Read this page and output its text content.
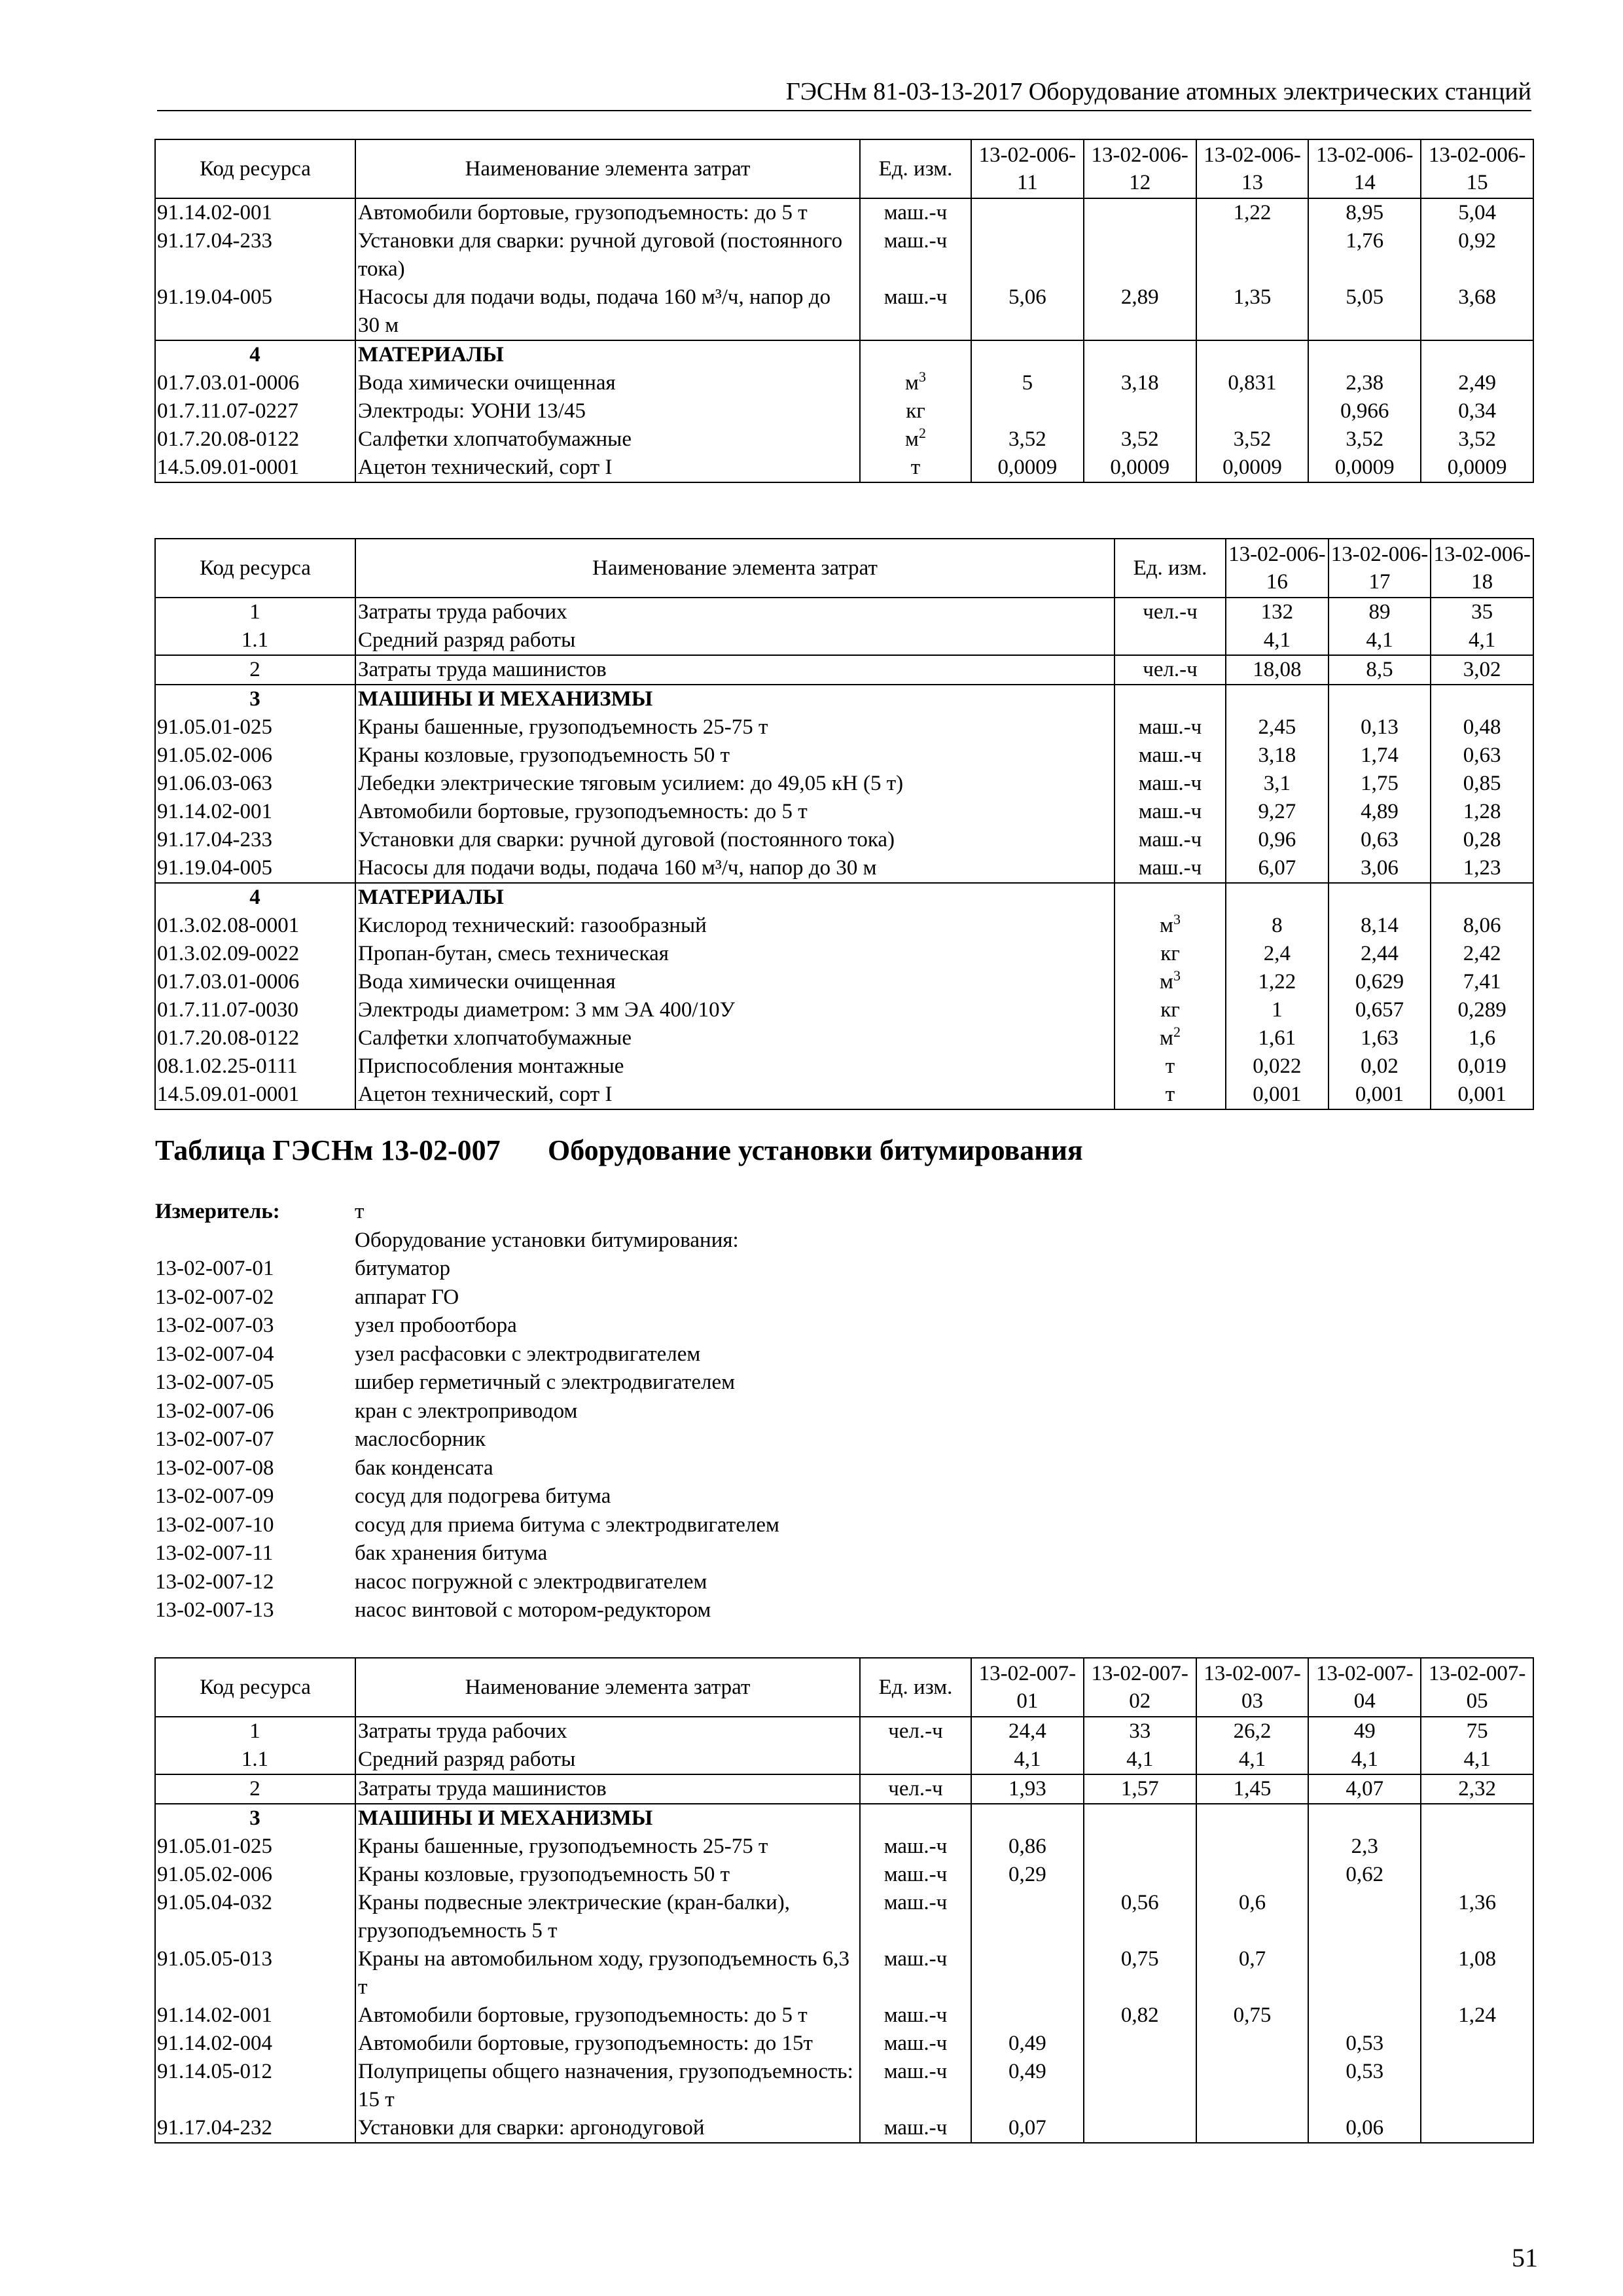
ГЭСНм 81-03-13-2017 Оборудование атомных электрических станций
Код ресурса	Наименование элемента затрат	Ед. изм.	13-02-006-11	13-02-006-12	13-02-006-13	13-02-006-14	13-02-006-15
91.14.02-001	Автомобили бортовые, грузоподъемность: до 5 т	маш.-ч			1,22	8,95	5,04
91.17.04-233	Установки для сварки: ручной дуговой (постоянного тока)	маш.-ч				1,76	0,92
91.19.04-005	Насосы для подачи воды, подача 160 м³/ч, напор до 30 м	маш.-ч	5,06	2,89	1,35	5,05	3,68
4	МАТЕРИАЛЫ						
01.7.03.01-0006	Вода химически очищенная	$м^3$	5	3,18	0,831	2,38	2,49
01.7.11.07-0227	Электроды: УОНИ 13/45	кг				0,966	0,34
01.7.20.08-0122	Салфетки хлопчатобумажные	$м^2$	3,52	3,52	3,52	3,52	3,52
14.5.09.01-0001	Ацетон технический, сорт I	т	0,0009	0,0009	0,0009	0,0009	0,0009
Код ресурса	Наименование элемента затрат	Ед. изм.	13-02-006-16	13-02-006-17	13-02-006-18
1	Затраты труда рабочих	чел.-ч	132	89	35
1.1	Средний разряд работы		4,1	4,1	4,1
2	Затраты труда машинистов	чел.-ч	18,08	8,5	3,02
3	МАШИНЫ И МЕХАНИЗМЫ				
91.05.01-025	Краны башенные, грузоподъемность 25-75 т	маш.-ч	2,45	0,13	0,48
91.05.02-006	Краны козловые, грузоподъемность 50 т	маш.-ч	3,18	1,74	0,63
91.06.03-063	Лебедки электрические тяговым усилием: до 49,05 кН (5 т)	маш.-ч	3,1	1,75	0,85
91.14.02-001	Автомобили бортовые, грузоподъемность: до 5 т	маш.-ч	9,27	4,89	1,28
91.17.04-233	Установки для сварки: ручной дуговой (постоянного тока)	маш.-ч	0,96	0,63	0,28
91.19.04-005	Насосы для подачи воды, подача 160 м³/ч, напор до 30 м	маш.-ч	6,07	3,06	1,23
4	МАТЕРИАЛЫ				
01.3.02.08-0001	Кислород технический: газообразный	$м^3$	8	8,14	8,06
01.3.02.09-0022	Пропан-бутан, смесь техническая	кг	2,4	2,44	2,42
01.7.03.01-0006	Вода химически очищенная	$м^3$	1,22	0,629	7,41
01.7.11.07-0030	Электроды диаметром: 3 мм ЭА 400/10У	кг	1	0,657	0,289
01.7.20.08-0122	Салфетки хлопчатобумажные	$м^2$	1,61	1,63	1,6
08.1.02.25-0111	Приспособления монтажные	т	0,022	0,02	0,019
14.5.09.01-0001	Ацетон технический, сорт I	т	0,001	0,001	0,001
Таблица ГЭСНм 13-02-007 Оборудование установки битумирования
Измеритель:	т
Оборудование установки битумирования:
13-02-007-01	битуматор
13-02-007-02	аппарат ГО
13-02-007-03	узел пробоотбора
13-02-007-04	узел расфасовки с электродвигателем
13-02-007-05	шибер герметичный с электродвигателем
13-02-007-06	кран с электроприводом
13-02-007-07	маслосборник
13-02-007-08	бак конденсата
13-02-007-09	сосуд для подогрева битума
13-02-007-10	сосуд для приема битума с электродвигателем
13-02-007-11	бак хранения битума
13-02-007-12	насос погружной с электродвигателем
13-02-007-13	насос винтовой с мотором-редуктором
Код ресурса	Наименование элемента затрат	Ед. изм.	13-02-007-01	13-02-007-02	13-02-007-03	13-02-007-04	13-02-007-05
1	Затраты труда рабочих	чел.-ч	24,4	33	26,2	49	75
1.1	Средний разряд работы		4,1	4,1	4,1	4,1	4,1
2	Затраты труда машинистов	чел.-ч	1,93	1,57	1,45	4,07	2,32
3	МАШИНЫ И МЕХАНИЗМЫ						
91.05.01-025	Краны башенные, грузоподъемность 25-75 т	маш.-ч	0,86			2,3	
91.05.02-006	Краны козловые, грузоподъемность 50 т	маш.-ч	0,29			0,62	
91.05.04-032	Краны подвесные электрические (кран-балки), грузоподъемность 5 т	маш.-ч		0,56	0,6		1,36
91.05.05-013	Краны на автомобильном ходу, грузоподъемность 6,3 т	маш.-ч		0,75	0,7		1,08
91.14.02-001	Автомобили бортовые, грузоподъемность: до 5 т	маш.-ч		0,82	0,75		1,24
91.14.02-004	Автомобили бортовые, грузоподъемность: до 15т	маш.-ч	0,49			0,53	
91.14.05-012	Полуприцепы общего назначения, грузоподъемность: 15 т	маш.-ч	0,49			0,53	
91.17.04-232	Установки для сварки: аргонодуговой	маш.-ч	0,07			0,06	
51
